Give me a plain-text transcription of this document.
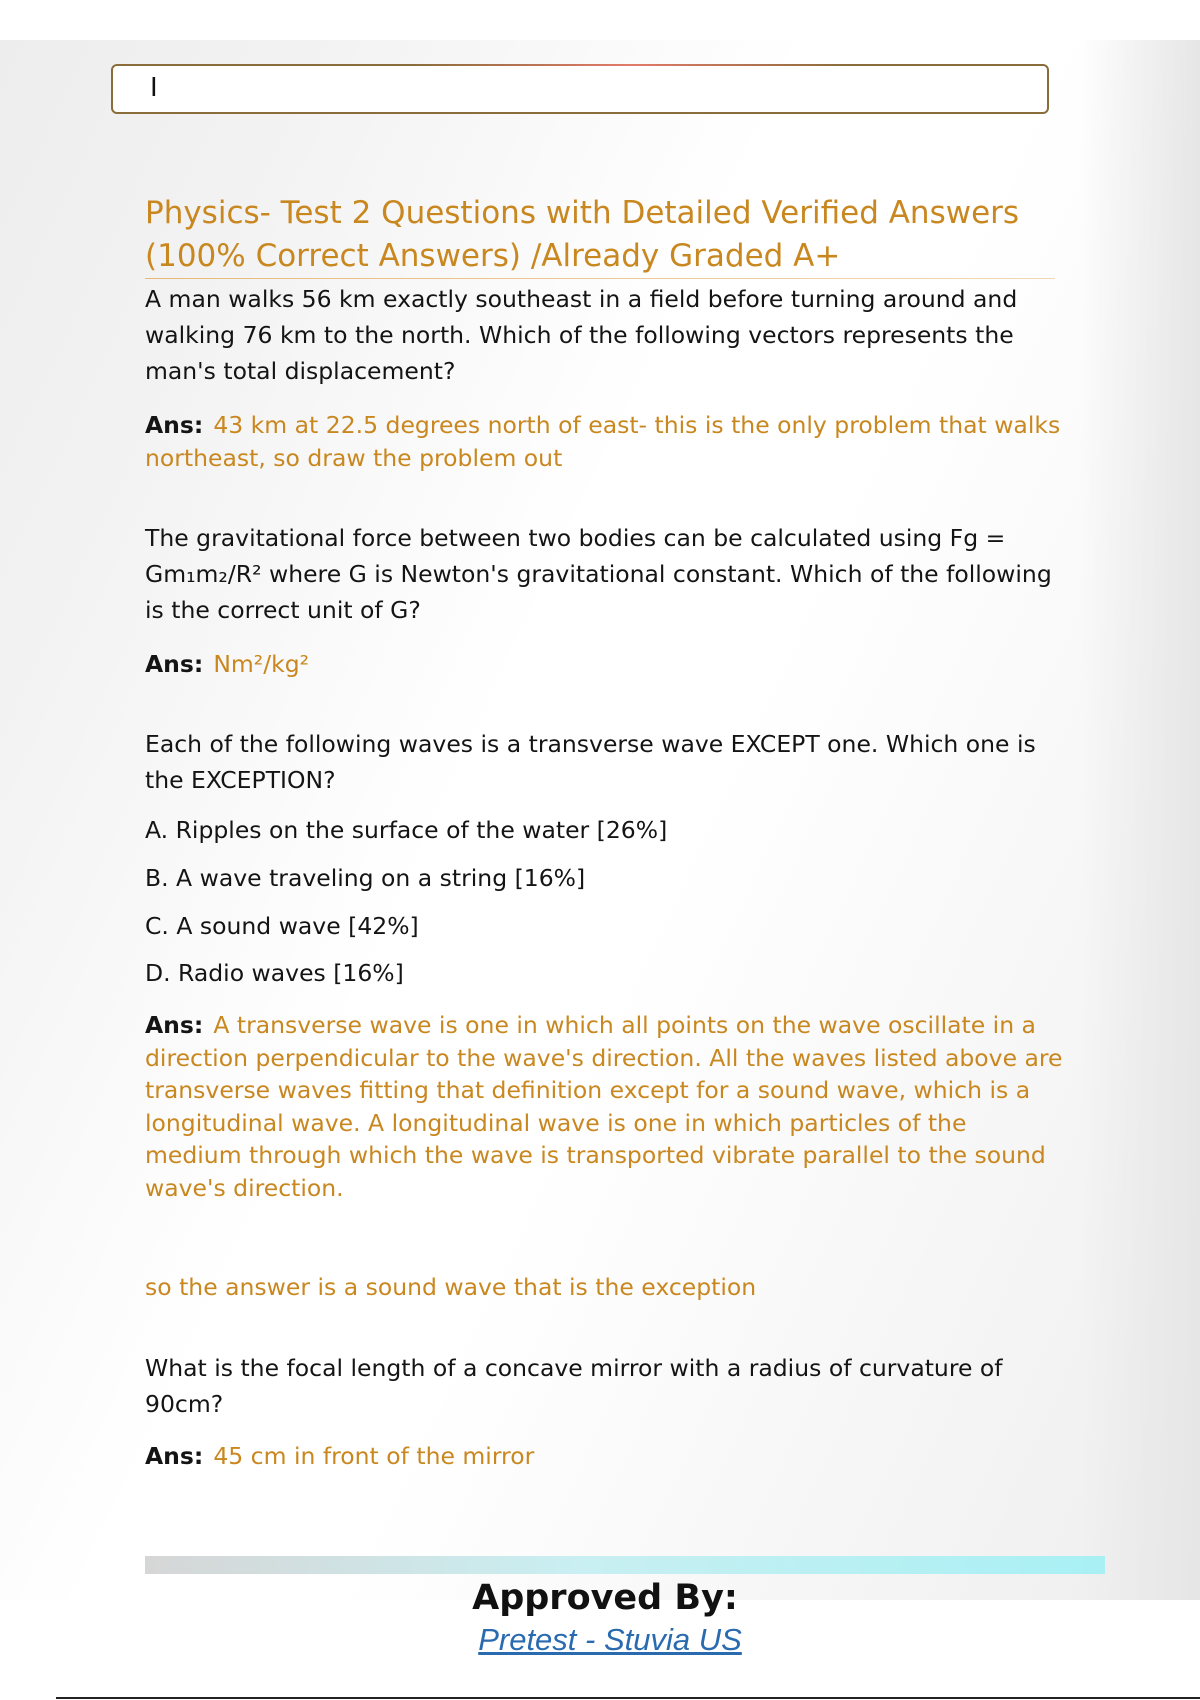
I
Physics- Test 2 Questions with Detailed Verified Answers (100% Correct Answers) /Already Graded A+
A man walks 56 km exactly southeast in a field before turning around and walking 76 km to the north. Which of the following vectors represents the man's total displacement?
Ans: 43 km at 22.5 degrees north of east- this is the only problem that walks northeast, so draw the problem out
The gravitational force between two bodies can be calculated using Fg = Gm₁m₂/R² where G is Newton's gravitational constant. Which of the following is the correct unit of G?
Ans: Nm²/kg²
Each of the following waves is a transverse wave EXCEPT one. Which one is the EXCEPTION?
A. Ripples on the surface of the water [26%]
B. A wave traveling on a string [16%]
C. A sound wave [42%]
D. Radio waves [16%]
Ans: A transverse wave is one in which all points on the wave oscillate in a direction perpendicular to the wave's direction. All the waves listed above are transverse waves fitting that definition except for a sound wave, which is a longitudinal wave. A longitudinal wave is one in which particles of the medium through which the wave is transported vibrate parallel to the sound wave's direction.
so the answer is a sound wave that is the exception
What is the focal length of a concave mirror with a radius of curvature of 90cm?
Ans: 45 cm in front of the mirror
Approved By:
Pretest - Stuvia US
